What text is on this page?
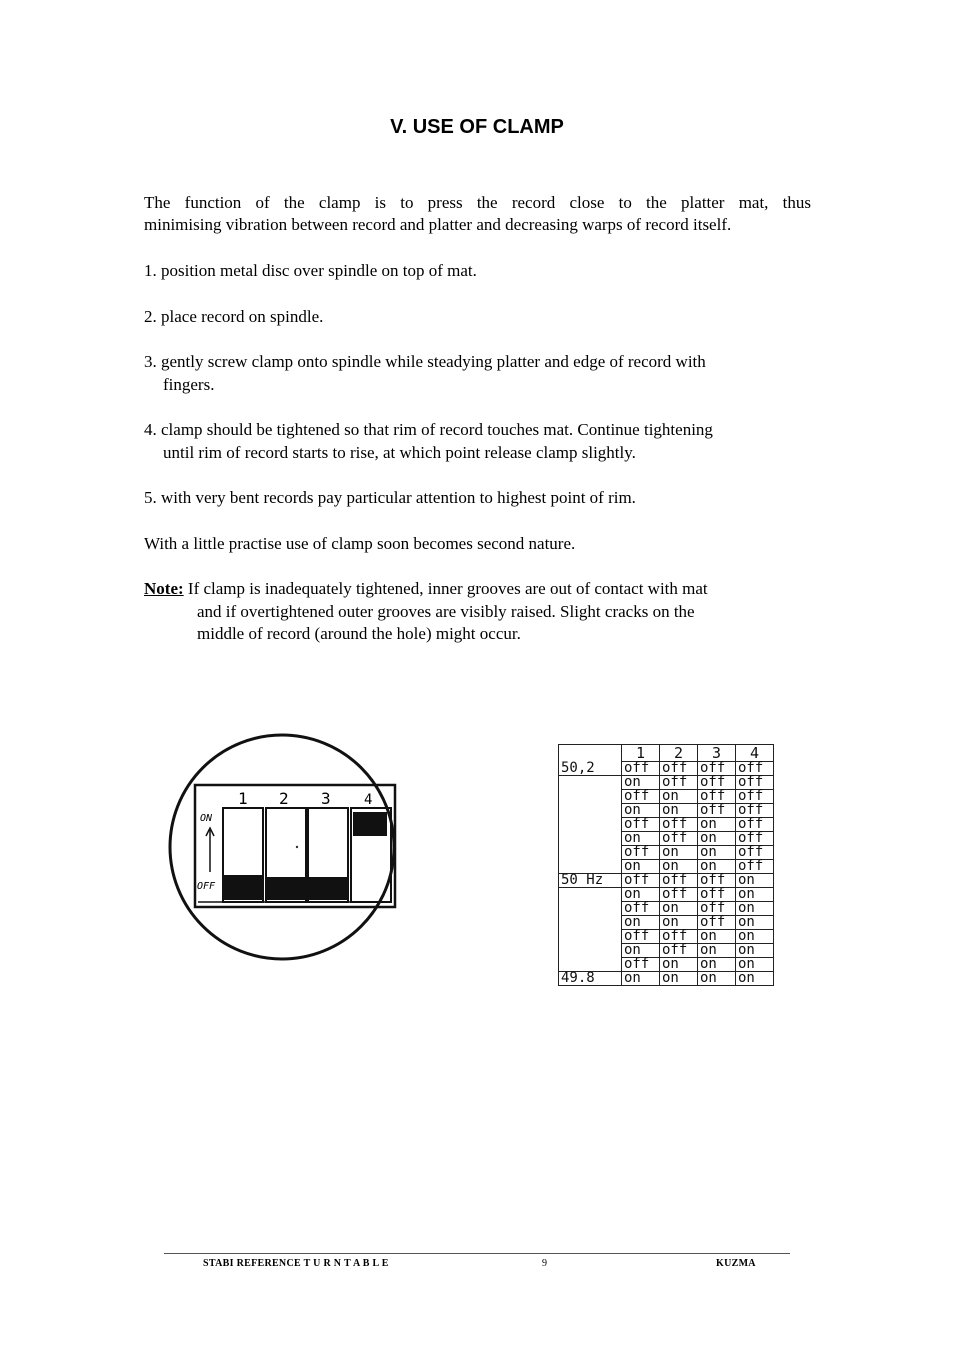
V. USE OF CLAMP
The function of the clamp is to press the record close to the platter mat, thus
minimising vibration between record and platter and decreasing warps of record itself.
1. position metal disc over spindle on top of mat.
2. place record on spindle.
3. gently screw clamp onto spindle while steadying platter and edge of record with
fingers.
4. clamp should be tightened so that rim of record touches mat. Continue tightening
until rim of record starts to rise, at which point release clamp slightly.
5. with very bent records pay particular attention to highest point of rim.
With a little practise use of clamp soon becomes second nature.
Note: If clamp is inadequately tightened, inner grooves are out of contact with mat
and if overtightened outer grooves are visibly raised. Slight cracks on the
middle of record (around the hole) might occur.
1 2 3 4
ON
OFF
	1	2	3	4
50,2	off	off	off	off
	on	off	off	off
	off	on	off	off
	on	on	off	off
	off	off	on	off
	on	off	on	off
	off	on	on	off
	on	on	on	off
50 Hz	off	off	off	on
	on	off	off	on
	off	on	off	on
	on	on	off	on
	off	off	on	on
	on	off	on	on
	off	on	on	on
49.8	on	on	on	on
STABI REFERENCE T U R N T A B L E	9	KUZMA
